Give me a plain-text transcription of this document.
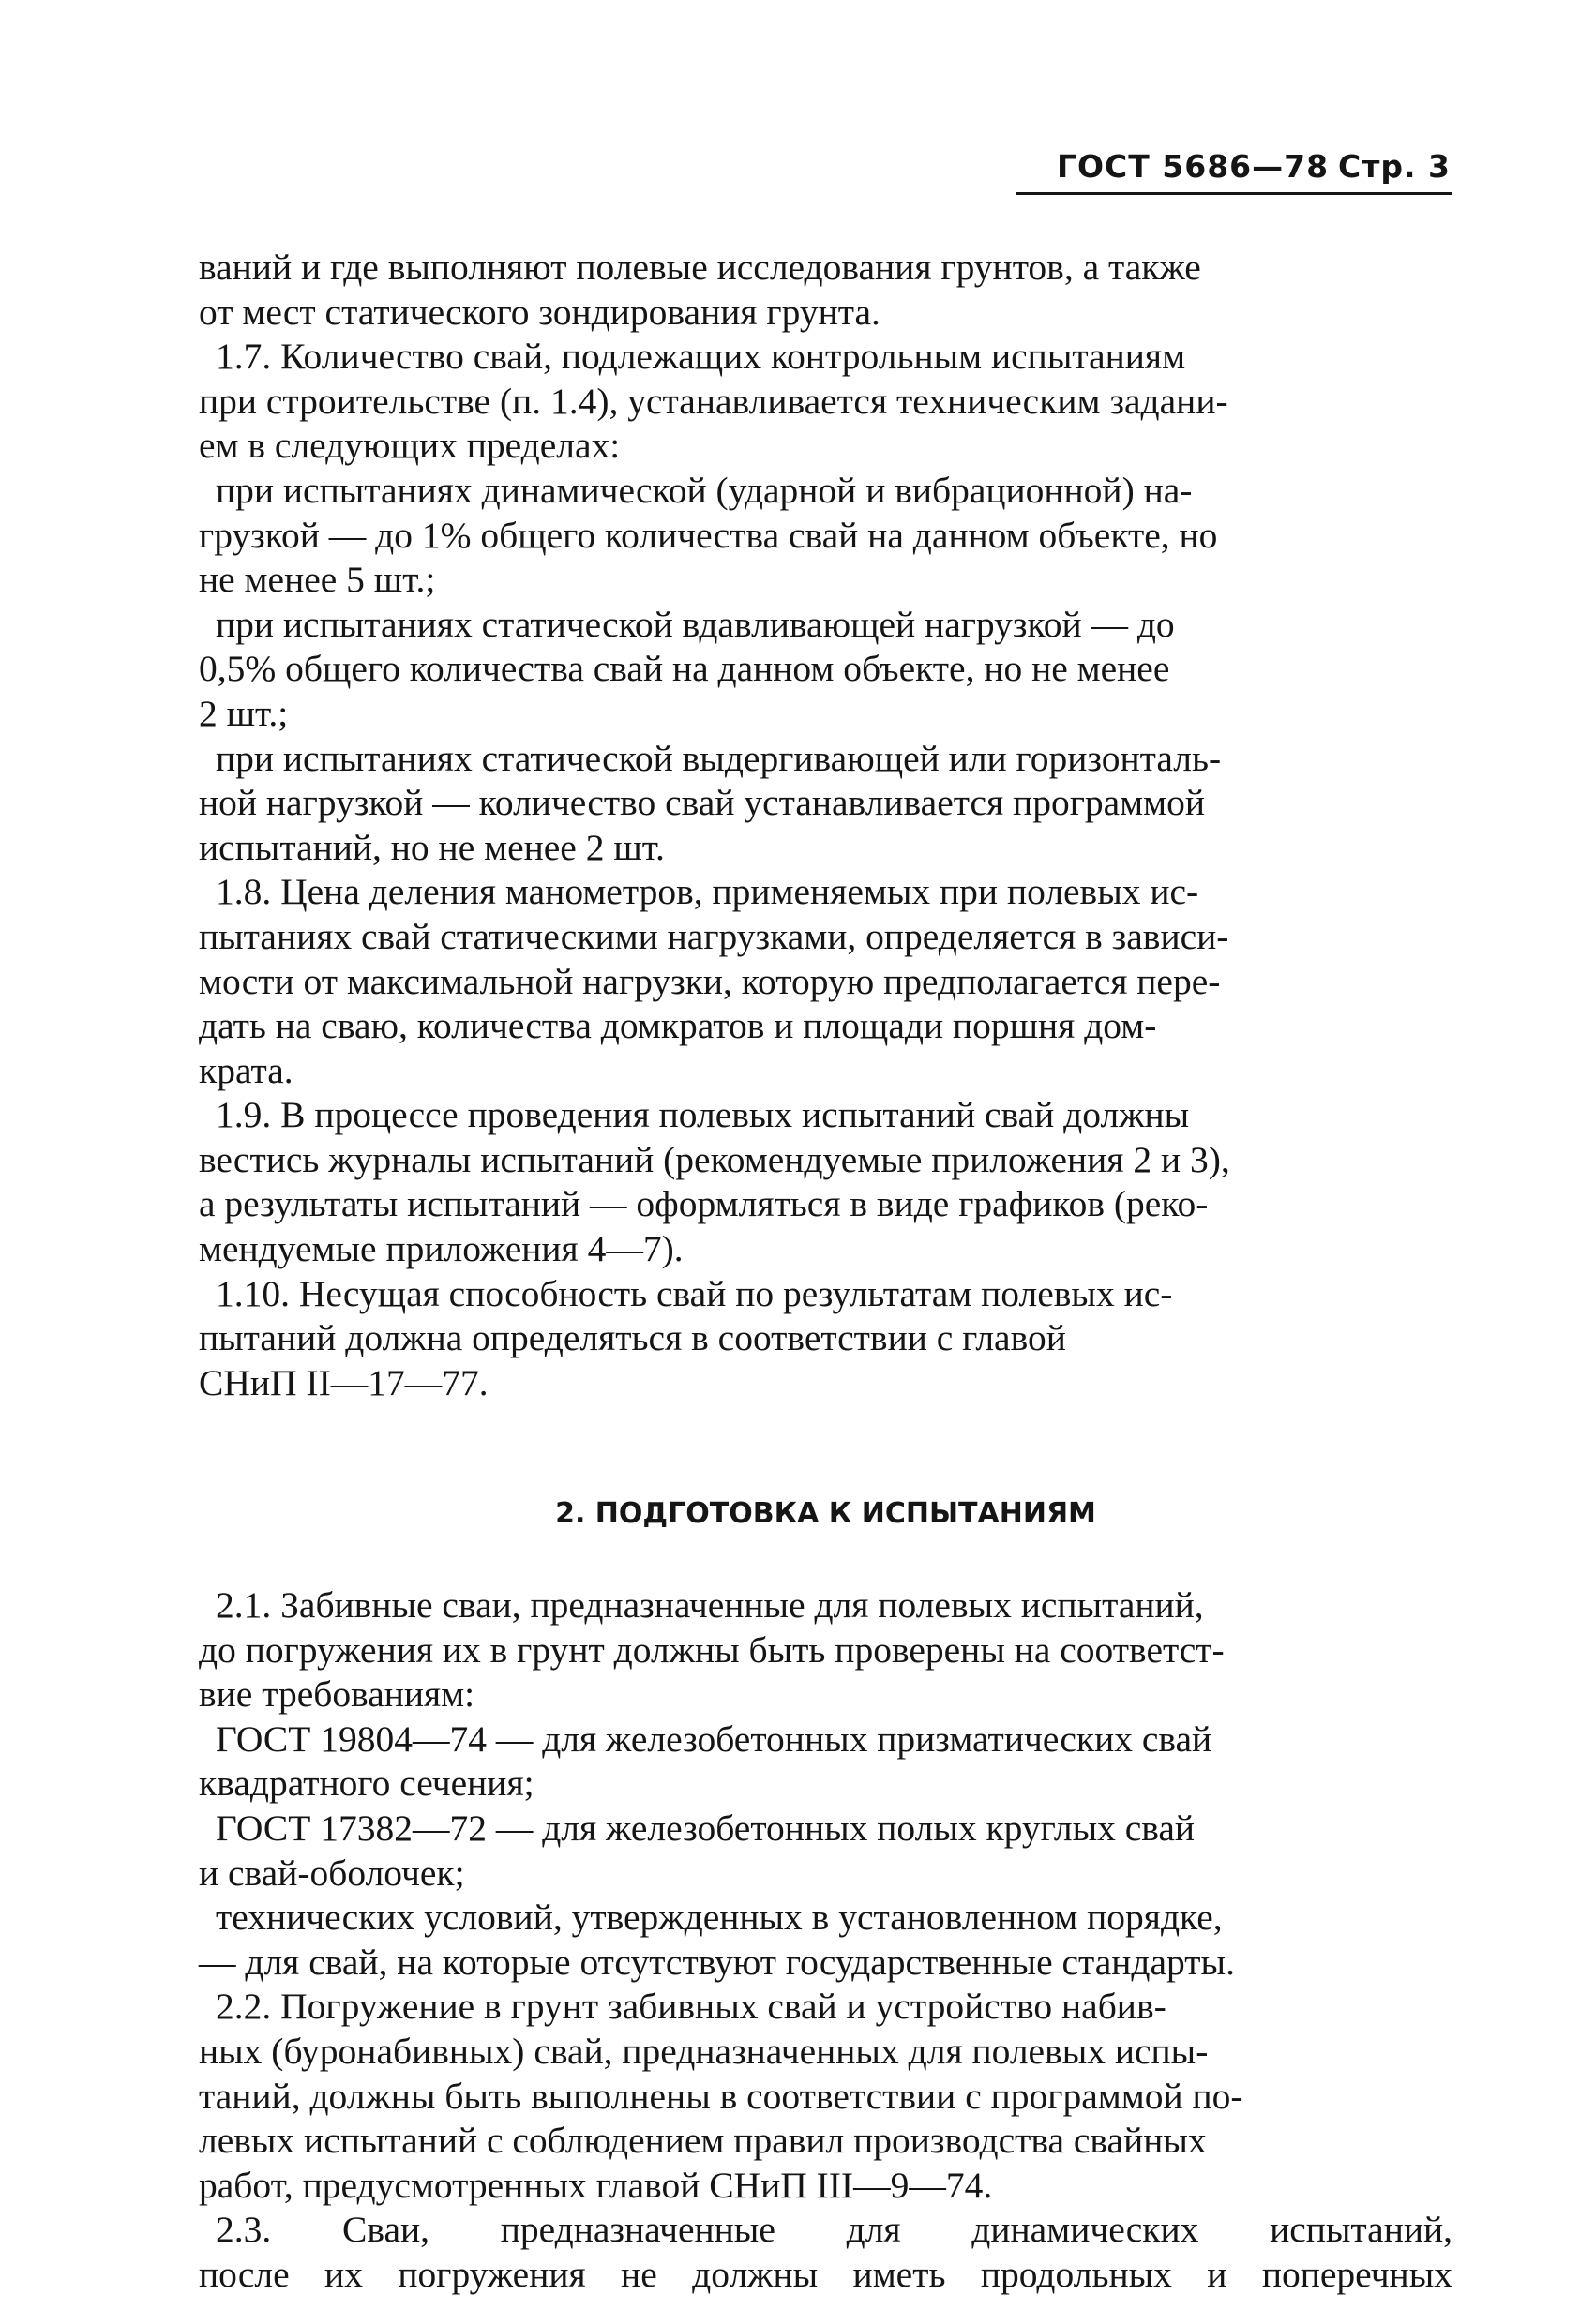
ГОСТ 5686—78 Стр. 3

ваний и где выполняют полевые исследования грунтов, а также
от мест статического зондирования грунта.

1.7. Количество свай, подлежащих контрольным испытаниям
при строительстве (п. 1.4), устанавливается техническим задани-
ем в следующих пределах:

при испытаниях динамической (ударной и вибрационной) на-
грузкой — до 1% общего количества свай на данном объекте, но
не менее 5 шт.;

при испытаниях статической вдавливающей нагрузкой — до
0,5% общего количества свай на данном объекте, но не менее
2 шт.;

при испытаниях статической выдергивающей или горизонталь-
ной нагрузкой — количество свай устанавливается программой
испытаний, но не менее 2 шт.

1.8. Цена деления манометров, применяемых при полевых ис-
пытаниях свай статическими нагрузками, определяется в зависи-
мости от максимальной нагрузки, которую предполагается пере-
дать на сваю, количества домкратов и площади поршня дом-
крата.

1.9. В процессе проведения полевых испытаний свай должны
вестись журналы испытаний (рекомендуемые приложения 2 и 3),
а результаты испытаний — оформляться в виде графиков (реко-
мендуемые приложения 4—7).

1.10. Несущая способность свай по результатам полевых ис-
пытаний должна определяться в соответствии с главой
СНиП II—17—77.

2. ПОДГОТОВКА К ИСПЫТАНИЯМ

2.1. Забивные сваи, предназначенные для полевых испытаний,
до погружения их в грунт должны быть проверены на соответст-
вие требованиям:

ГОСТ 19804—74 — для железобетонных призматических свай
квадратного сечения;

ГОСТ 17382—72 — для железобетонных полых круглых свай
и свай-оболочек;

технических условий, утвержденных в установленном порядке,
— для свай, на которые отсутствуют государственные стандарты.

2.2. Погружение в грунт забивных свай и устройство набив-
ных (буронабивных) свай, предназначенных для полевых испы-
таний, должны быть выполнены в соответствии с программой по-
левых испытаний с соблюдением правил производства свайных
работ, предусмотренных главой СНиП III—9—74.

2.3. Сваи, предназначенные для динамических испытаний,
после их погружения не должны иметь продольных и поперечных
